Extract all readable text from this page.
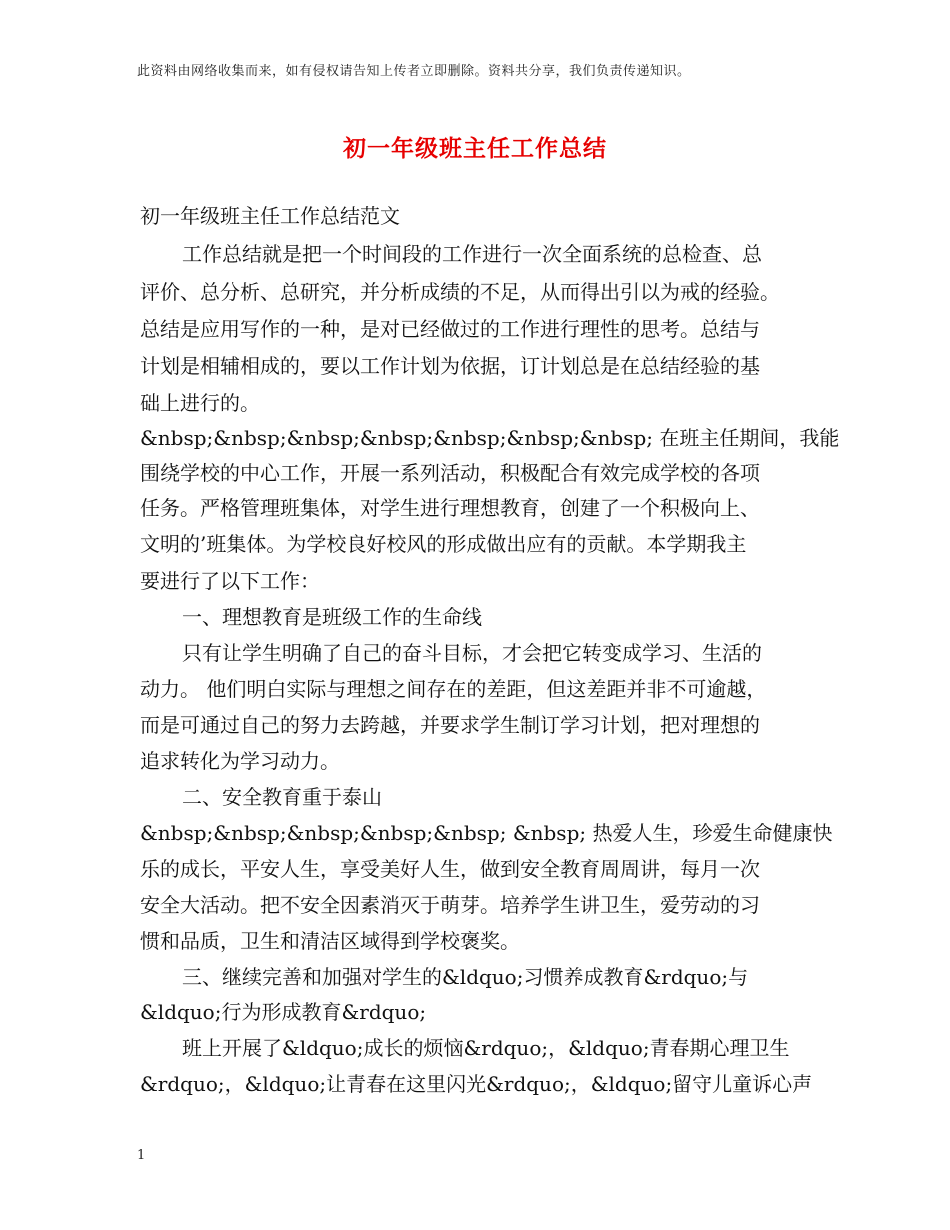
此资料由网络收集而来，如有侵权请告知上传者立即删除。资料共分享，我们负责传递知识。
初一年级班主任工作总结
初一年级班主任工作总结范文
工作总结就是把一个时间段的工作进行一次全面系统的总检查、总
评价、总分析、总研究，并分析成绩的不足，从而得出引以为戒的经验。
总结是应用写作的一种，是对已经做过的工作进行理性的思考。总结与
计划是相辅相成的，要以工作计划为依据，订计划总是在总结经验的基
础上进行的。
&nbsp;&nbsp;&nbsp;&nbsp;&nbsp;&nbsp;&nbsp; 在班主任期间，我能
围绕学校的中心工作，开展一系列活动，积极配合有效完成学校的各项
任务。严格管理班集体，对学生进行理想教育，创建了一个积极向上、
文明的’班集体。为学校良好校风的形成做出应有的贡献。本学期我主
要进行了以下工作：
一、理想教育是班级工作的生命线
只有让学生明确了自己的奋斗目标，才会把它转变成学习、生活的
动力。 他们明白实际与理想之间存在的差距，但这差距并非不可逾越，
而是可通过自己的努力去跨越，并要求学生制订学习计划，把对理想的
追求转化为学习动力。
二、安全教育重于泰山
&nbsp;&nbsp;&nbsp;&nbsp;&nbsp; &nbsp; 热爱人生，珍爱生命健康快
乐的成长，平安人生，享受美好人生，做到安全教育周周讲，每月一次
安全大活动。把不安全因素消灭于萌芽。培养学生讲卫生，爱劳动的习
惯和品质，卫生和清洁区域得到学校褒奖。
三、继续完善和加强对学生的&ldquo;习惯养成教育&rdquo;与
&ldquo;行为形成教育&rdquo;
班上开展了&ldquo;成长的烦恼&rdquo;，&ldquo;青春期心理卫生
&rdquo;，&ldquo;让青春在这里闪光&rdquo;，&ldquo;留守儿童诉心声
1
